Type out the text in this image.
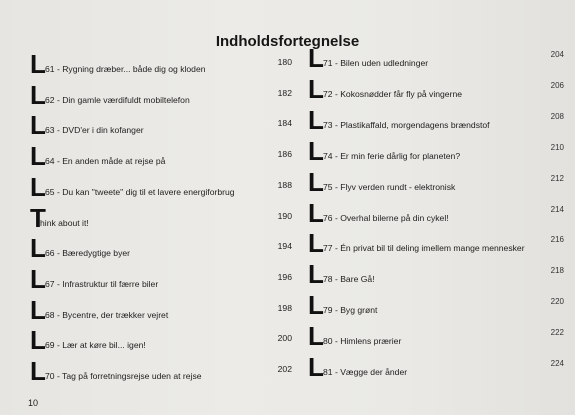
Indholdsfortegnelse
L 61 - Rygning dræber... både dig og kloden
180
L 62 - Din gamle værdifuldt mobiltelefon
182
L 63 - DVD'er i din kofanger
184
L 64 - En anden måde at rejse på
186
L 65 - Du kan "tweete" dig til et lavere energiforbrug
188
T
hink about it!
190
L 66 - Bæredygtige byer
194
L 67 - Infrastruktur til færre biler
196
L 68 - Bycentre, der trækker vejret
198
L 69 - Lær at køre bil... igen!
200
L 70 - Tag på forretningsrejse uden at rejse
202
L 71 - Bilen uden udledninger
204
L 72 - Kokosnødder får fly på vingerne
206
L 73 - Plastikaffald, morgendagens brændstof
208
L 74 - Er min ferie dårlig for planeten?
210
L 75 - Flyv verden rundt - elektronisk
212
L 76 - Overhal bilerne på din cykel!
214
L 77 - Én privat bil til deling imellem mange mennesker
216
L 78 - Bare Gå!
218
L 79 - Byg grønt
220
L 80 - Himlens prærier
222
L 81 - Vægge der ånder
224
10
